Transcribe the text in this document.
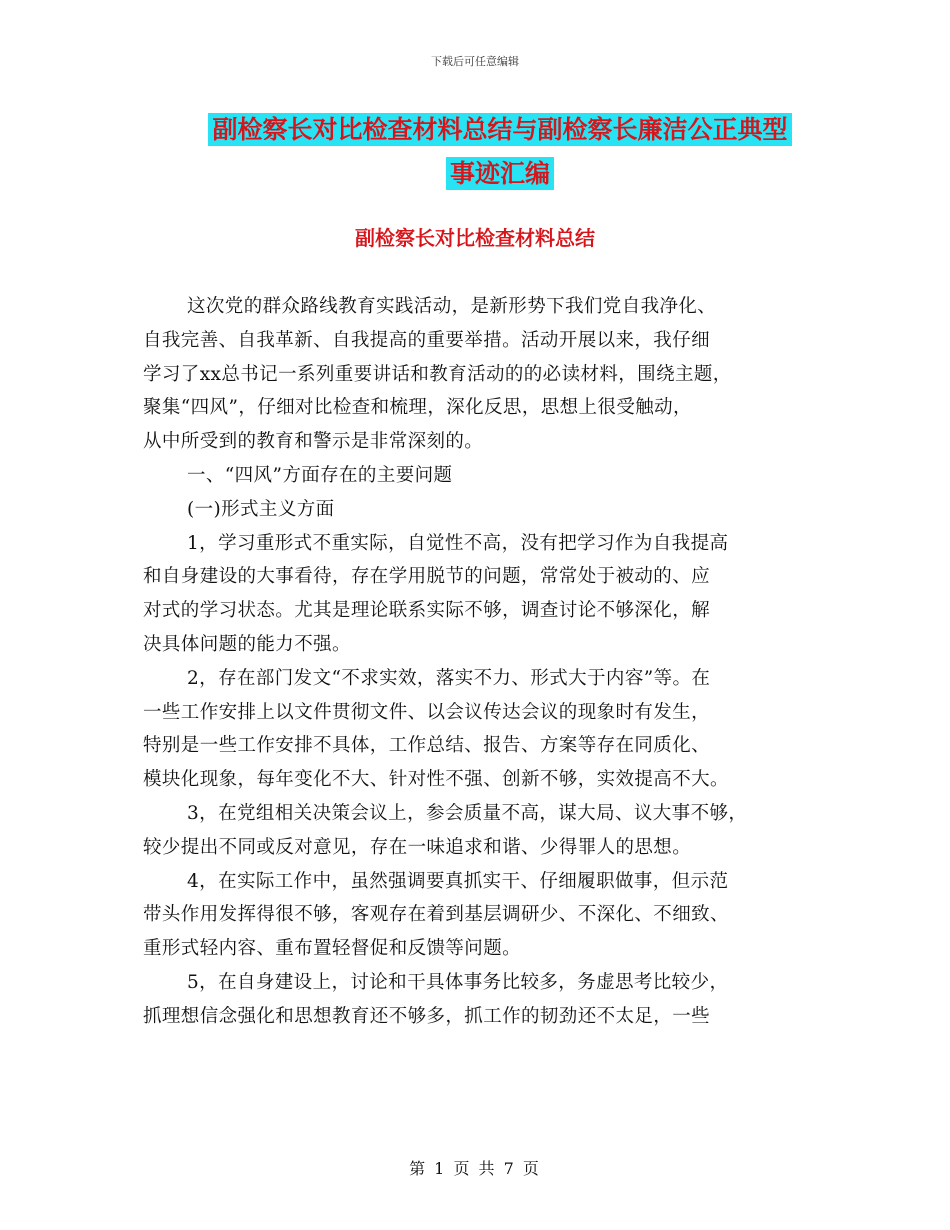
下载后可任意编辑
副检察长对比检查材料总结与副检察长廉洁公正典型
事迹汇编
副检察长对比检查材料总结

这次党的群众路线教育实践活动，是新形势下我们党自我净化、

自我完善、自我革新、自我提高的重要举措。活动开展以来，我仔细

学习了xx总书记一系列重要讲话和教育活动的的必读材料，围绕主题，

聚集“四风”，仔细对比检查和梳理，深化反思，思想上很受触动，

从中所受到的教育和警示是非常深刻的。

一、“四风”方面存在的主要问题

(一)形式主义方面

1，学习重形式不重实际，自觉性不高，没有把学习作为自我提高

和自身建设的大事看待，存在学用脱节的问题，常常处于被动的、应

对式的学习状态。尤其是理论联系实际不够，调查讨论不够深化，解

决具体问题的能力不强。

2，存在部门发文“不求实效，落实不力、形式大于内容”等。在

一些工作安排上以文件贯彻文件、以会议传达会议的现象时有发生，

特别是一些工作安排不具体，工作总结、报告、方案等存在同质化、

模块化现象，每年变化不大、针对性不强、创新不够，实效提高不大。

3，在党组相关决策会议上，参会质量不高，谋大局、议大事不够，

较少提出不同或反对意见，存在一味追求和谐、少得罪人的思想。

4，在实际工作中，虽然强调要真抓实干、仔细履职做事，但示范

带头作用发挥得很不够，客观存在着到基层调研少、不深化、不细致、

重形式轻内容、重布置轻督促和反馈等问题。

5，在自身建设上，讨论和干具体事务比较多，务虚思考比较少，

抓理想信念强化和思想教育还不够多，抓工作的韧劲还不太足，一些

第 1 页 共 7 页
